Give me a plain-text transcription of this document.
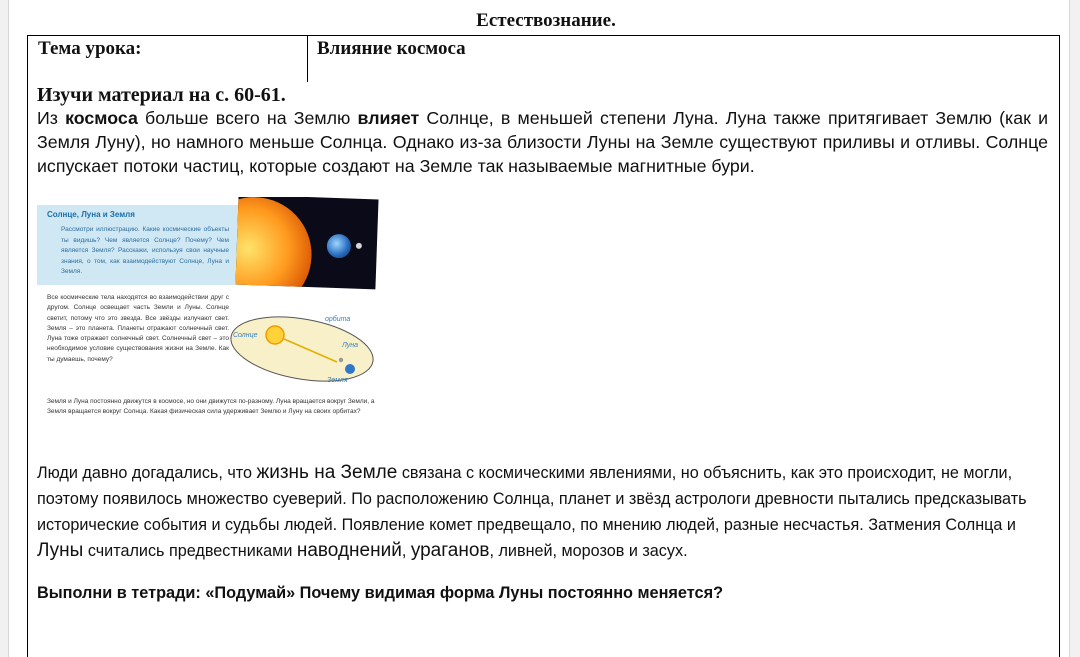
Естествознание.
Тема урока:	Влияние космоса
Изучи материал на с. 60-61.
Из космоса больше всего на Землю влияет Солнце, в меньшей степени Луна. Луна также притягивает Землю (как и Земля Луну), но намного меньше Солнца. Однако из-за близости Луны на Земле существуют приливы и отливы. Солнце испускает потоки частиц, которые создают на Земле так называемые магнитные бури.
Солнце, Луна и Земля
Рассмотри иллюстрацию. Какие космические объекты ты видишь? Чем является Солнце? Почему? Чем является Земля? Расскажи, используя свои научные знания, о том, как взаимодействуют Солнце, Луна и Земля.
Все космические тела находятся во взаимодействии друг с другом. Солнце освещает часть Земли и Луны. Солнце светит, потому что это звезда. Все звёзды излучают свет. Земля – это планета. Планеты отражают солнечный свет. Луна тоже отражает солнечный свет. Солнечный свет – это необходимое условие существования жизни на Земле. Как ты думаешь, почему?
орбита
Солнце
Луна
Земля
Земля и Луна постоянно движутся в космосе, но они движутся по-разному. Луна вращается вокруг Земли, а Земля вращается вокруг Солнца. Какая физическая сила удерживает Землю и Луну на своих орбитах?
Люди давно догадались, что жизнь на Земле связана с космическими явлениями, но объяснить, как это происходит, не могли, поэтому появилось множество суеверий. По расположению Солнца, планет и звёзд астрологи древности пытались предсказывать исторические события и судьбы людей. Появление комет предвещало, по мнению людей, разные несчастья. Затмения Солнца и Луны считались предвестниками наводнений, ураганов, ливней, морозов и засух.
Выполни в тетради: «Подумай» Почему видимая форма Луны постоянно меняется?
